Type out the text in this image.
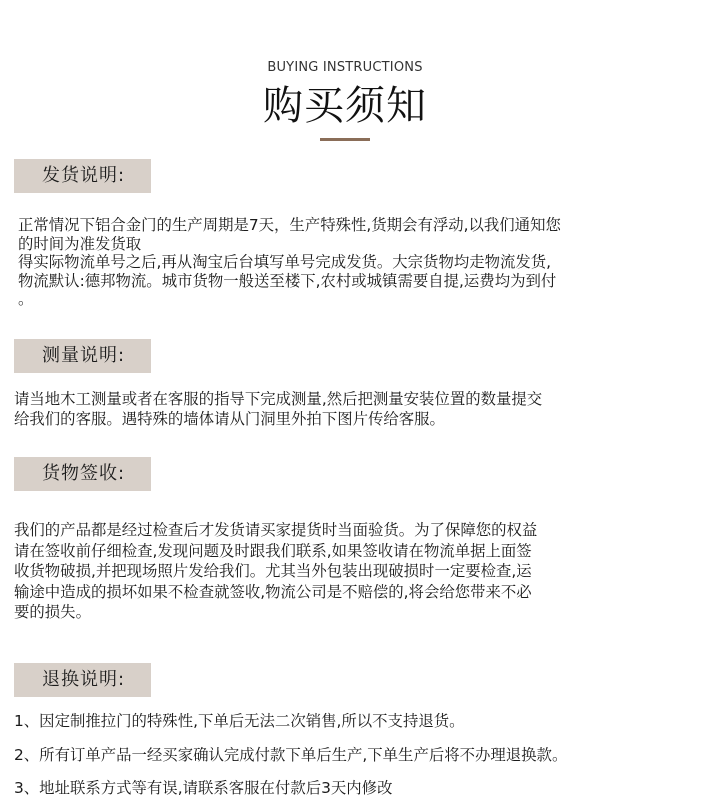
BUYING INSTRUCTIONS
购买须知
发货说明:
正常情况下铝合金门的生产周期是7天，生产特殊性,货期会有浮动,以我们通知您
的时间为准发货取
得实际物流单号之后,再从淘宝后台填写单号完成发货。大宗货物均走物流发货,
物流默认:德邦物流。城市货物一般送至楼下,农村或城镇需要自提,运费均为到付
。
测量说明:
请当地木工测量或者在客服的指导下完成测量,然后把测量安装位置的数量提交
给我们的客服。遇特殊的墙体请从门洞里外拍下图片传给客服。
货物签收:
我们的产品都是经过检查后才发货请买家提货时当面验货。为了保障您的权益
请在签收前仔细检查,发现问题及时跟我们联系,如果签收请在物流单据上面签
收货物破损,并把现场照片发给我们。尤其当外包装出现破损时一定要检查,运
输途中造成的损坏如果不检查就签收,物流公司是不赔偿的,将会给您带来不必
要的损失。
退换说明:
1、因定制推拉门的特殊性,下单后无法二次销售,所以不支持退货。
2、所有订单产品一经买家确认完成付款下单后生产,下单生产后将不办理退换款。
3、地址联系方式等有误,请联系客服在付款后3天内修改
